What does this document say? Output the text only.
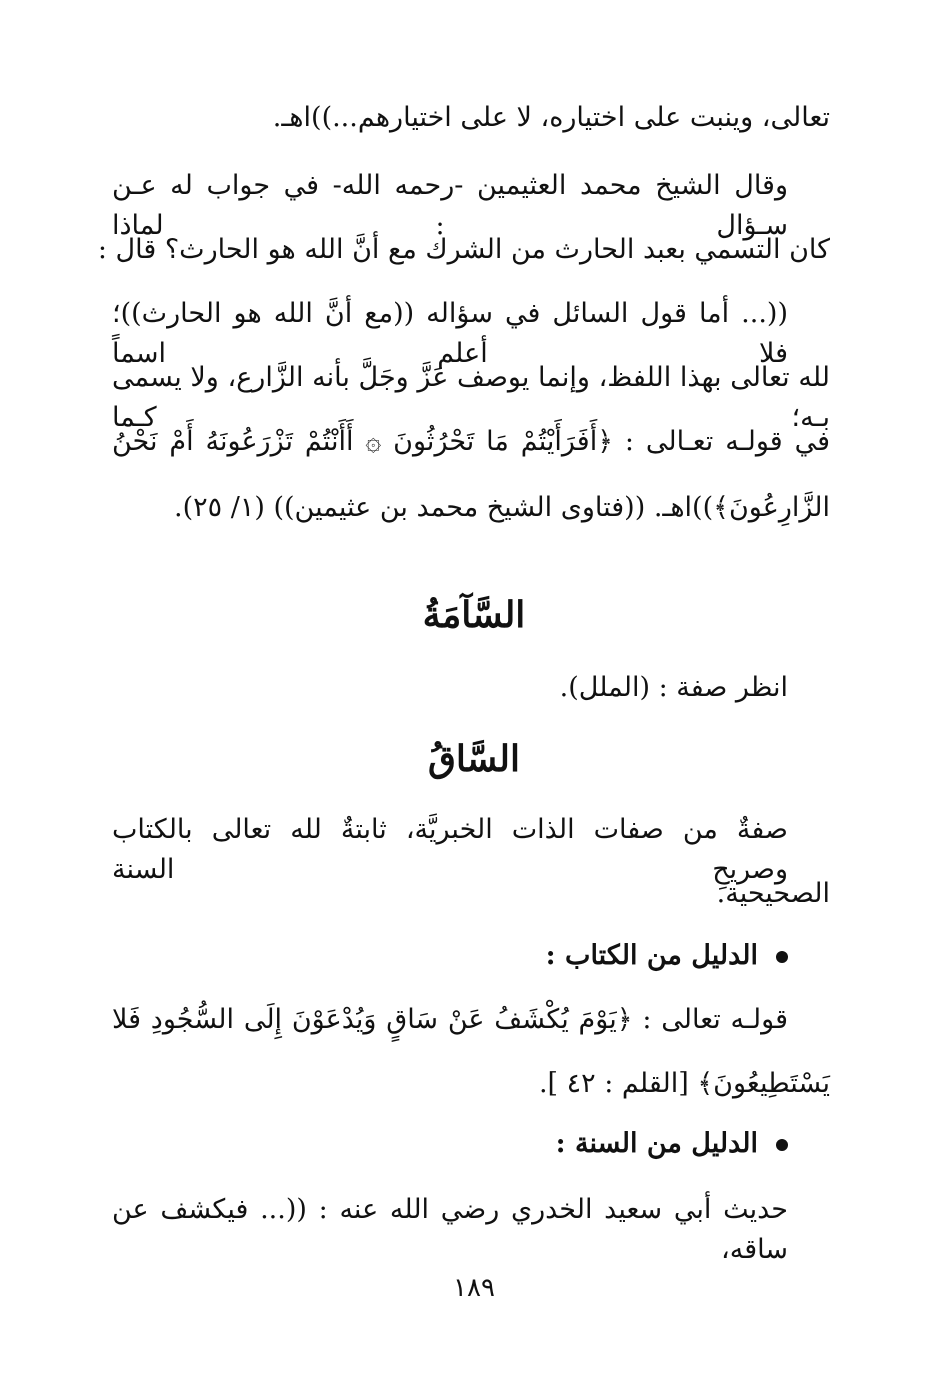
تعالى، وينبت على اختياره، لا على اختيارهم...))اهـ.
وقال الشيخ محمد العثيمين -رحمه الله- في جواب له عـن سـؤال : لماذا
كان التسمي بعبد الحارث من الشرك مع أنَّ الله هو الحارث؟ قال :
((... أما قول السائل في سؤاله ((مع أنَّ الله هو الحارث))؛ فلا أعلم اسماً
لله تعالى بهذا اللفظ، وإنما يوصف عَزَّ وجَلَّ بأنه الزَّارع، ولا يسمى بـه؛ كـما
في قولـه تعـالى : ﴿أَفَرَأَيْتُمْ مَا تَحْرُثُونَ ۞ أَأَنْتُمْ تَزْرَعُونَهُ أَمْ نَحْنُ
الزَّارِعُونَ﴾))اهـ. ((فتاوى الشيخ محمد بن عثيمين)) (١/ ٢٥).
السَّآمَةُ
انظر صفة : (الملل).
السَّاقُ
صفةٌ من صفات الذات الخبريَّة، ثابتةٌ لله تعالى بالكتاب وصريحِ السنة
الصحيحية.
الدليل من الكتاب :
قولـه تعالى : ﴿يَوْمَ يُكْشَفُ عَنْ سَاقٍ وَيُدْعَوْنَ إِلَى السُّجُودِ فَلا
يَسْتَطِيعُونَ﴾ [القلم : ٤٢ ].
الدليل من السنة :
حديث أبي سعيد الخدري رضي الله عنه : ((... فيكشف عن ساقه،
١٨٩
